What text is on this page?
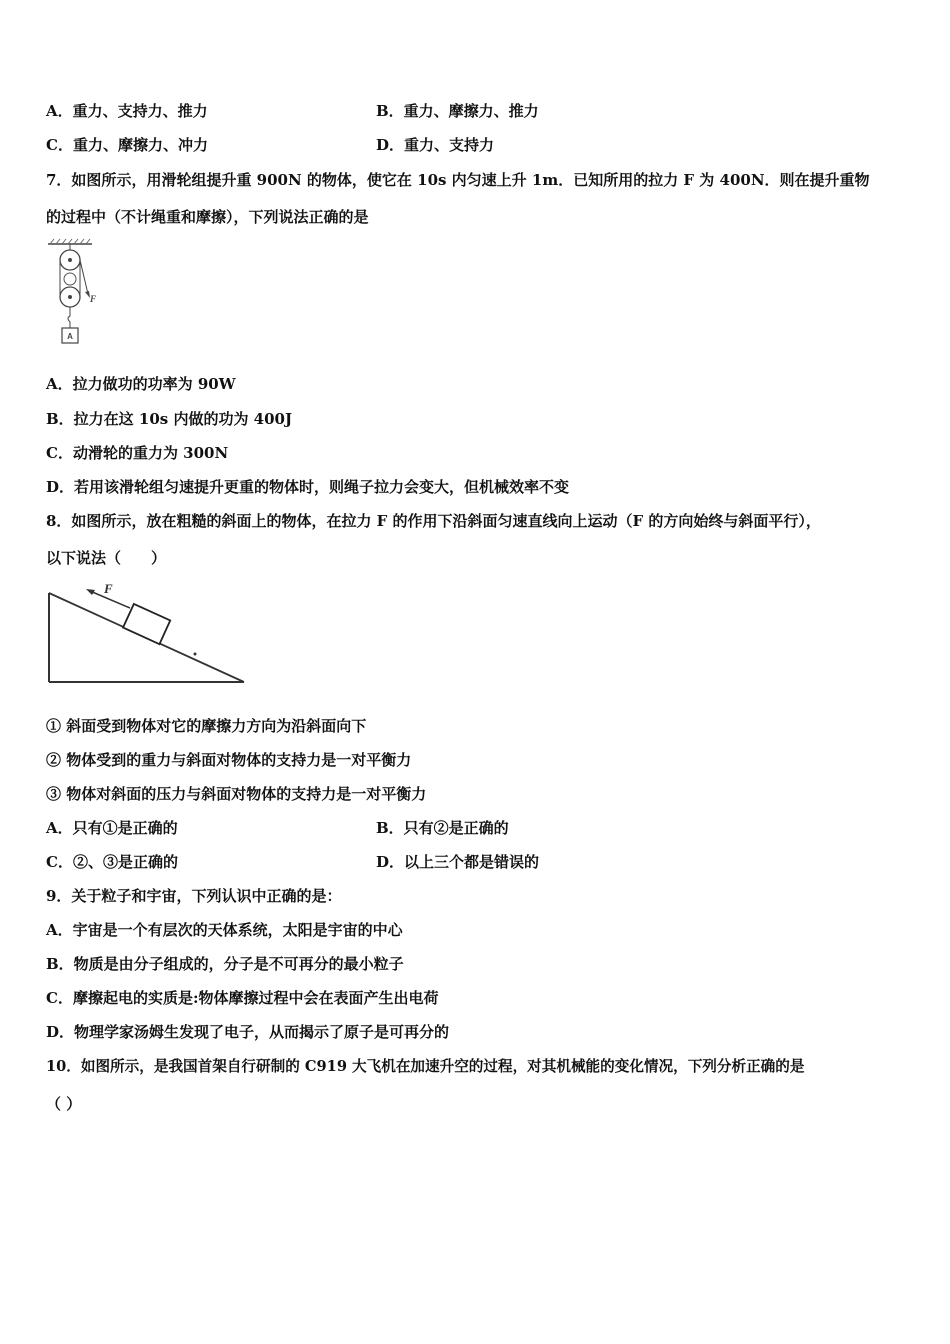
A．重力、支持力、推力	B．重力、摩擦力、推力
C．重力、摩擦力、冲力	D．重力、支持力
7．如图所示，用滑轮组提升重 900N 的物体，使它在 10s 内匀速上升 1m．已知所用的拉力 F 为 400N．则在提升重物
的过程中（不计绳重和摩擦），下列说法正确的是
F
A
A．拉力做功的功率为 90W
B．拉力在这 10s 内做的功为 400J
C．动滑轮的重力为 300N
D．若用该滑轮组匀速提升更重的物体时，则绳子拉力会变大，但机械效率不变
8．如图所示，放在粗糙的斜面上的物体，在拉力 F 的作用下沿斜面匀速直线向上运动（F 的方向始终与斜面平行），
以下说法（　　）
F
① 斜面受到物体对它的摩擦力方向为沿斜面向下
② 物体受到的重力与斜面对物体的支持力是一对平衡力
③ 物体对斜面的压力与斜面对物体的支持力是一对平衡力
A．只有①是正确的	B．只有②是正确的
C．②、③是正确的	D．以上三个都是错误的
9．关于粒子和宇宙，下列认识中正确的是：
A．宇宙是一个有层次的天体系统，太阳是宇宙的中心
B．物质是由分子组成的，分子是不可再分的最小粒子
C．摩擦起电的实质是:物体摩擦过程中会在表面产生出电荷
D．物理学家汤姆生发现了电子，从而揭示了原子是可再分的
10．如图所示，是我国首架自行研制的 C919 大飞机在加速升空的过程，对其机械能的变化情况，下列分析正确的是
（ ）
